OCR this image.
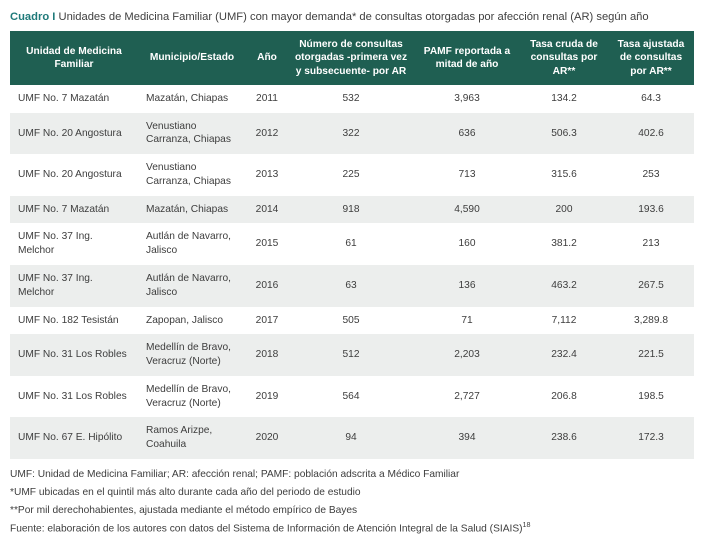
Cuadro I Unidades de Medicina Familiar (UMF) con mayor demanda* de consultas otorgadas por afección renal (AR) según año
Unidad de Medicina Familiar	Municipio/Estado	Año	Número de consultas otorgadas -primera vez y subsecuente- por AR	PAMF reportada a mitad de año	Tasa cruda de consultas por AR**	Tasa ajustada de consultas por AR**
UMF No. 7 Mazatán	Mazatán, Chiapas	2011	532	3,963	134.2	64.3
UMF No. 20 Angostura	Venustiano Carranza, Chiapas	2012	322	636	506.3	402.6
UMF No. 20 Angostura	Venustiano Carranza, Chiapas	2013	225	713	315.6	253
UMF No. 7 Mazatán	Mazatán, Chiapas	2014	918	4,590	200	193.6
UMF No. 37 Ing. Melchor	Autlán de Navarro, Jalisco	2015	61	160	381.2	213
UMF No. 37 Ing. Melchor	Autlán de Navarro, Jalisco	2016	63	136	463.2	267.5
UMF No. 182 Tesistán	Zapopan, Jalisco	2017	505	71	7,112	3,289.8
UMF No. 31 Los Robles	Medellín de Bravo, Veracruz (Norte)	2018	512	2,203	232.4	221.5
UMF No. 31 Los Robles	Medellín de Bravo, Veracruz (Norte)	2019	564	2,727	206.8	198.5
UMF No. 67 E. Hipólito	Ramos Arizpe, Coahuila	2020	94	394	238.6	172.3
UMF: Unidad de Medicina Familiar; AR: afección renal; PAMF: población adscrita a Médico Familiar
*UMF ubicadas en el quintil más alto durante cada año del periodo de estudio
**Por mil derechohabientes, ajustada mediante el método empírico de Bayes
Fuente: elaboración de los autores con datos del Sistema de Información de Atención Integral de la Salud (SIAIS)$^{18}$
